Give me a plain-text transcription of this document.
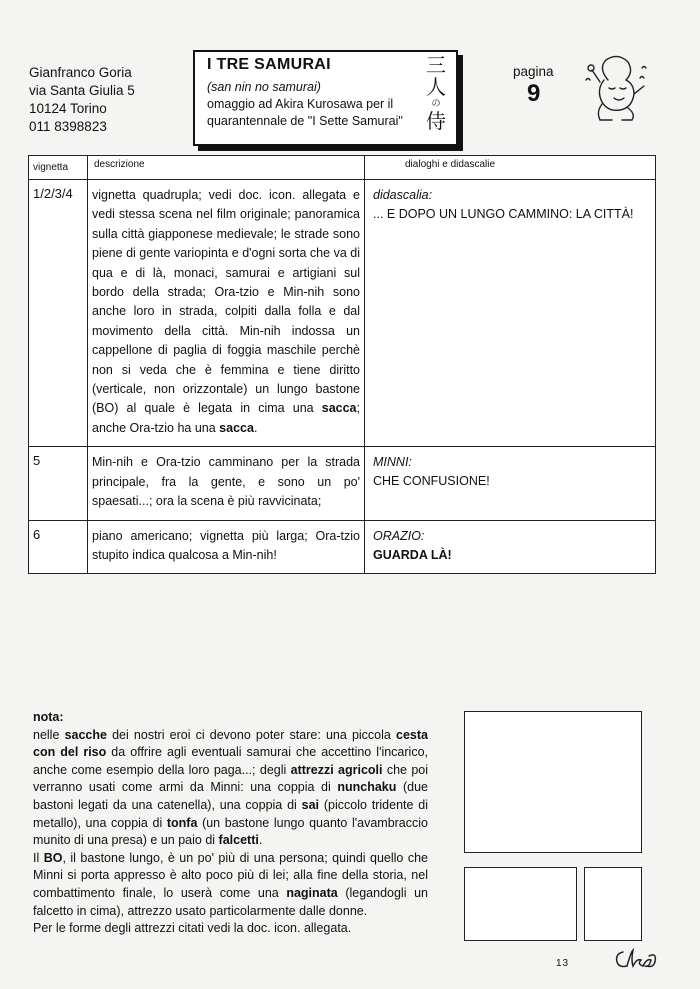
Gianfranco Goria
via Santa Giulia 5
10124 Torino
011 8398823
I TRE SAMURAI
(san nin no samurai)
omaggio ad Akira Kurosawa per il
quarantennale de "I Sette Samurai"
三
人
の
侍
pagina
9
vignetta	descrizione	dialoghi e didascalie
1/2/3/4	vignetta quadrupla; vedi doc. icon. allegata e vedi stessa scena nel film originale; panoramica sulla città giapponese medievale; le strade sono piene di gente variopinta e d'ogni sorta che va di qua e di là, monaci, samurai e artigiani sul bordo della strada; Ora-tzio e Min-nih sono anche loro in strada, colpiti dalla folla e dal movimento della città. Min-nih indossa un cappellone di paglia di foggia maschile perchè non si veda che è femmina e tiene diritto (verticale, non orizzontale) un lungo bastone (BO) al quale è legata in cima una sacca; anche Ora-tzio ha una sacca.	didascalia:
... E DOPO UN LUNGO CAMMINO: LA CITTÀ!

5	Min-nih e Ora-tzio camminano per la strada principale, fra la gente, e sono un po' spaesati...; ora la scena è più ravvicinata;	MINNI:
CHE CONFUSIONE!

6	piano americano; vignetta più larga; Ora-tzio stupito indica qualcosa a Min-nih!	ORAZIO:
GUARDA LÀ!
nota:
nelle sacche dei nostri eroi ci devono poter stare: una piccola cesta con del riso da offrire agli eventuali samurai che accettino l'incarico, anche come esempio della loro paga...; degli attrezzi agricoli che poi verranno usati come armi da Minni: una coppia di nunchaku (due bastoni legati da una catenella), una coppia di sai (piccolo tridente di metallo), una coppia di tonfa (un bastone lungo quanto l'avambraccio munito di una presa) e un paio di falcetti.
Il BO, il bastone lungo, è un po' più di una persona; quindi quello che Minni si porta appresso è alto poco più di lei; alla fine della storia, nel combattimento finale, lo userà come una naginata (legandogli un falcetto in cima), attrezzo usato particolarmente dalle donne.
Per le forme degli attrezzi citati vedi la doc. icon. allegata.
13
